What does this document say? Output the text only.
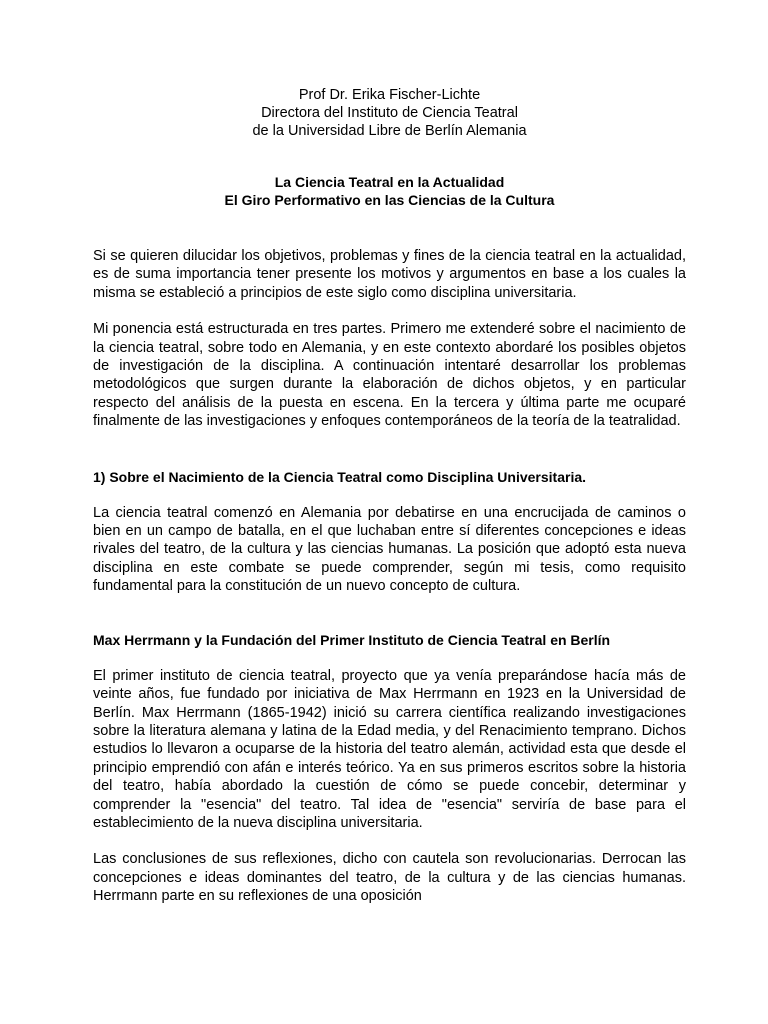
Prof Dr. Erika Fischer-Lichte
Directora del Instituto de Ciencia Teatral
de la Universidad Libre de Berlín Alemania
La Ciencia Teatral en la Actualidad
El Giro Performativo en las Ciencias de la Cultura

Si se quieren dilucidar los objetivos, problemas y fines de la ciencia teatral en la actualidad, es de suma importancia tener presente los motivos y argumentos en base a los cuales la misma se estableció a principios de este siglo como disciplina universitaria.

Mi ponencia está estructurada en tres partes. Primero me extenderé sobre el nacimiento de la ciencia teatral, sobre todo en Alemania, y en este contexto abordaré los posibles objetos de investigación de la disciplina. A continuación intentaré desarrollar los problemas metodológicos que surgen durante la elaboración de dichos objetos, y en particular respecto del análisis de la puesta en escena. En la tercera y última parte me ocuparé finalmente de las investigaciones y enfoques contemporáneos de la teoría de la teatralidad.

1) Sobre el Nacimiento de la Ciencia Teatral como Disciplina Universitaria.

La ciencia teatral comenzó en Alemania por debatirse en una encrucijada de caminos o bien en un campo de batalla, en el que luchaban entre sí diferentes concepciones e ideas rivales del teatro, de la cultura y las ciencias humanas. La posición que adoptó esta nueva disciplina en este combate se puede comprender, según mi tesis, como requisito fundamental para la constitución de un nuevo concepto de cultura.

Max Herrmann y la Fundación del Primer Instituto de Ciencia Teatral en Berlín

El primer instituto de ciencia teatral, proyecto que ya venía preparándose hacía más de veinte años, fue fundado por iniciativa de Max Herrmann en 1923 en la Universidad de Berlín. Max Herrmann (1865-1942) inició su carrera científica realizando investigaciones sobre la literatura alemana y latina de la Edad media, y del Renacimiento temprano. Dichos estudios lo llevaron a ocuparse de la historia del teatro alemán, actividad esta que desde el principio emprendió con afán e interés teórico. Ya en sus primeros escritos sobre la historia del teatro, había abordado la cuestión de cómo se puede concebir, determinar y comprender la "esencia" del teatro. Tal idea de "esencia" serviría de base para el establecimiento de la nueva disciplina universitaria.

Las conclusiones de sus reflexiones, dicho con cautela son revolucionarias. Derrocan las concepciones e ideas dominantes del teatro, de la cultura y de las ciencias humanas. Herrmann parte en su reflexiones de una oposición
